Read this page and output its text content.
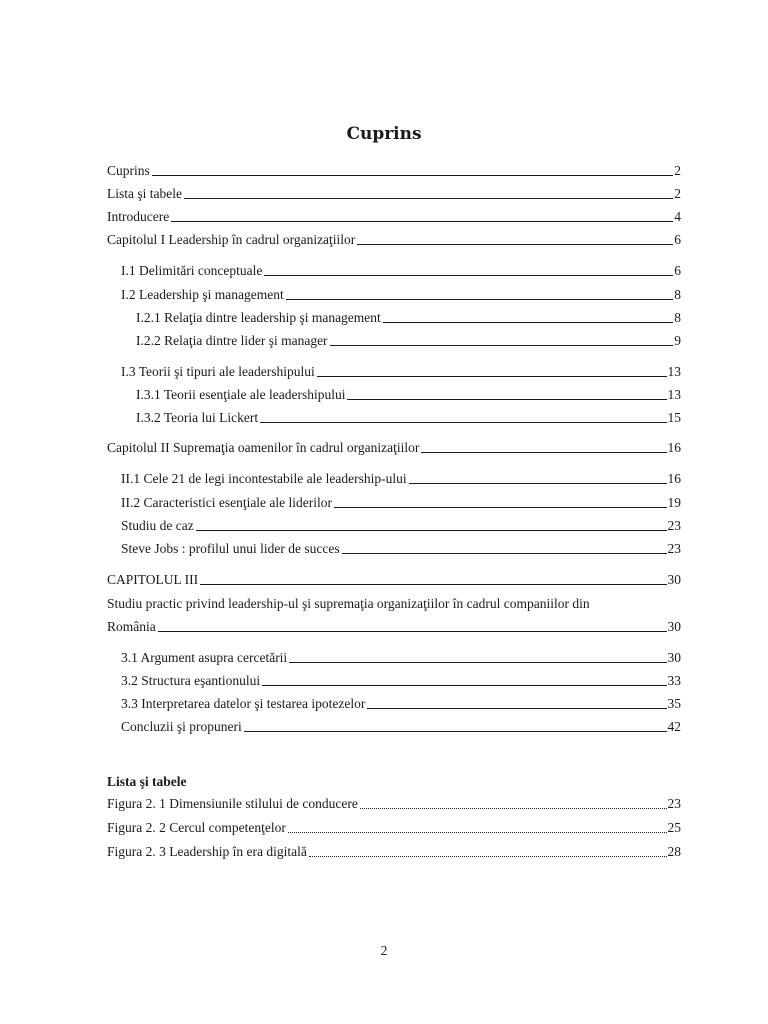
Cuprins
Cuprins	2
Lista şi tabele	2
Introducere	4
Capitolul I Leadership în cadrul organizaţiilor	6
I.1 Delimitări conceptuale	6
I.2 Leadership şi management	8
I.2.1 Relaţia dintre leadership şi management	8
I.2.2 Relaţia dintre lider şi manager	9
I.3 Teorii şi tipuri ale leadershipului	13
I.3.1 Teorii esenţiale ale leadershipului	13
I.3.2 Teoria lui Lickert	15
Capitolul II Supremaţia oamenilor în cadrul organizaţiilor	16
II.1 Cele 21 de legi incontestabile ale leadership-ului	16
II.2 Caracteristici esenţiale ale liderilor	19
Studiu de caz	23
Steve Jobs : profilul unui lider de succes	23
CAPITOLUL III	30
Studiu practic privind leadership-ul şi supremaţia organizaţiilor în cadrul companiilor din
România	30
3.1 Argument asupra cercetării	30
3.2 Structura eşantionului	33
3.3 Interpretarea datelor şi testarea ipotezelor	35
Concluzii şi propuneri	42
Lista şi tabele
Figura 2. 1 Dimensiunile stilului de conducere	23
Figura 2. 2 Cercul competenţelor	25
Figura 2. 3 Leadership în era digitală	28
2
